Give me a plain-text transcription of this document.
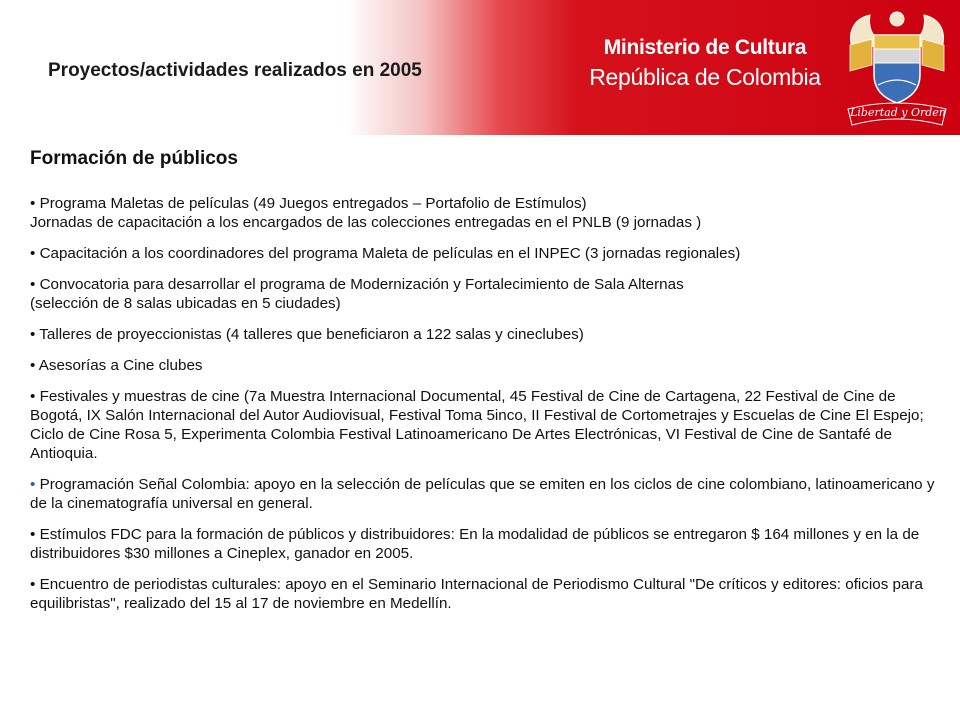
Proyectos/actividades realizados en 2005
Ministerio de Cultura
República de Colombia
Libertad y Orden
Formación de públicos
• Programa Maletas de películas (49 Juegos entregados – Portafolio de Estímulos)
Jornadas de capacitación a los encargados de las colecciones entregadas en el PNLB (9 jornadas )
• Capacitación a los coordinadores del programa Maleta de películas en el INPEC (3 jornadas regionales)
• Convocatoria para desarrollar el programa de Modernización y Fortalecimiento de Sala Alternas
(selección de 8 salas ubicadas en 5 ciudades)
• Talleres de proyeccionistas (4 talleres que beneficiaron a 122 salas y cineclubes)
• Asesorías a Cine clubes
• Festivales y muestras de cine (7a Muestra Internacional Documental, 45 Festival de Cine de Cartagena, 22 Festival de Cine de Bogotá, IX Salón Internacional del Autor Audiovisual, Festival Toma 5inco, II Festival de Cortometrajes y Escuelas de Cine El Espejo; Ciclo de Cine Rosa 5, Experimenta Colombia Festival Latinoamericano De Artes Electrónicas, VI Festival de Cine de Santafé de Antioquia.
• Programación Señal Colombia: apoyo en la selección de películas que se emiten en los ciclos de cine colombiano, latinoamericano y de la cinematografía universal en general.
• Estímulos FDC para la formación de públicos y distribuidores: En la modalidad de públicos se entregaron $ 164 millones y en la de distribuidores $30 millones a Cineplex, ganador en 2005.
• Encuentro de periodistas culturales: apoyo en el Seminario Internacional de Periodismo Cultural "De críticos y editores: oficios para equilibristas", realizado del 15 al 17 de noviembre en Medellín.
